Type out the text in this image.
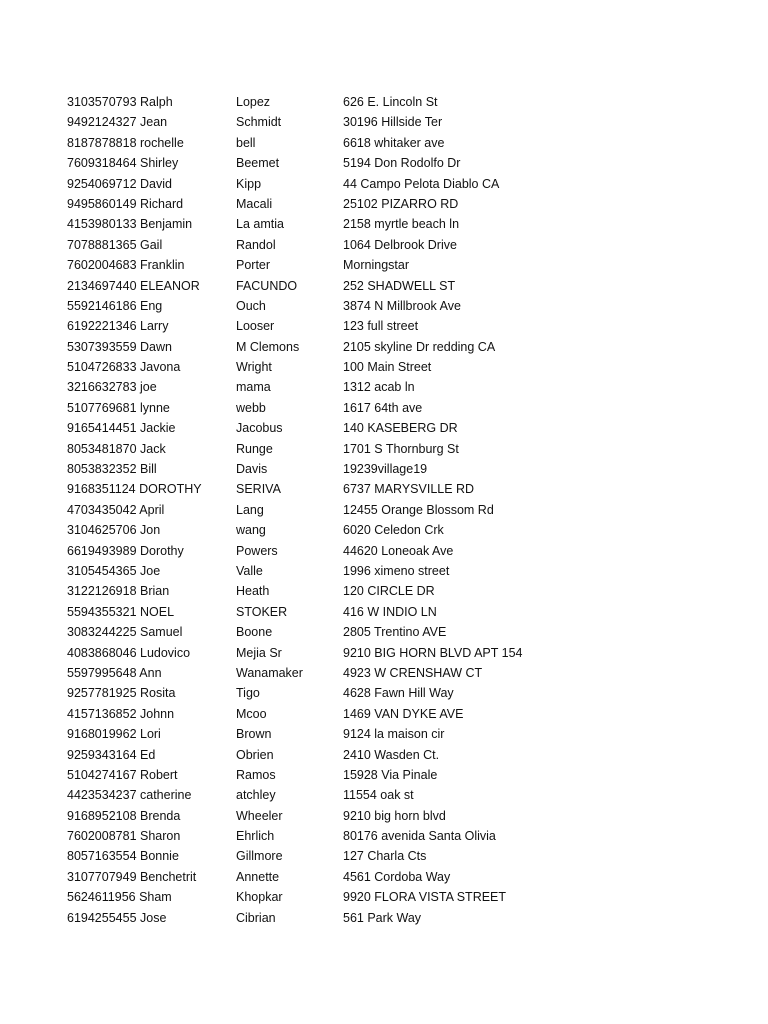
3103570793 Ralph	Lopez	626 E. Lincoln St
9492124327 Jean	Schmidt	30196 Hillside Ter
8187878818 rochelle	bell	6618 whitaker ave
7609318464 Shirley	Beemet	5194 Don Rodolfo Dr
9254069712 David	Kipp	44 Campo Pelota Diablo CA
9495860149 Richard	Macali	25102 PIZARRO RD
4153980133 Benjamin	La amtia	2158 myrtle beach ln
7078881365 Gail	Randol	1064 Delbrook Drive
7602004683 Franklin	Porter	Morningstar
2134697440 ELEANOR	FACUNDO	252 SHADWELL ST
5592146186 Eng	Ouch	3874 N Millbrook Ave
6192221346 Larry	Looser	123 full street
5307393559 Dawn	M Clemons	2105 skyline Dr redding CA
5104726833 Javona	Wright	100 Main Street
3216632783 joe	mama	1312 acab ln
5107769681 lynne	webb	1617 64th ave
9165414451 Jackie	Jacobus	140 KASEBERG DR
8053481870 Jack	Runge	1701 S Thornburg St
8053832352 Bill	Davis	19239village19
9168351124 DOROTHY	SERIVA	6737 MARYSVILLE RD
4703435042 April	Lang	12455 Orange Blossom Rd
3104625706 Jon	wang	6020 Celedon Crk
6619493989 Dorothy	Powers	44620 Loneoak Ave
3105454365 Joe	Valle	1996 ximeno street
3122126918 Brian	Heath	120 CIRCLE DR
5594355321 NOEL	STOKER	416 W INDIO LN
3083244225 Samuel	Boone	2805 Trentino AVE
4083868046 Ludovico	Mejia Sr	9210 BIG HORN BLVD APT 154
5597995648 Ann	Wanamaker	4923 W CRENSHAW CT
9257781925 Rosita	Tigo	4628 Fawn Hill Way
4157136852 Johnn	Mcoo	1469 VAN DYKE AVE
9168019962 Lori	Brown	9124 la maison cir
9259343164 Ed	Obrien	2410 Wasden Ct.
5104274167 Robert	Ramos	15928 Via Pinale
4423534237 catherine	atchley	11554 oak st
9168952108 Brenda	Wheeler	9210 big horn blvd
7602008781 Sharon	Ehrlich	80176 avenida Santa Olivia
8057163554 Bonnie	Gillmore	127 Charla Cts
3107707949 Benchetrit	Annette	4561 Cordoba Way
5624611956 Sham	Khopkar	9920 FLORA VISTA STREET
6194255455 Jose	Cibrian	561 Park Way
